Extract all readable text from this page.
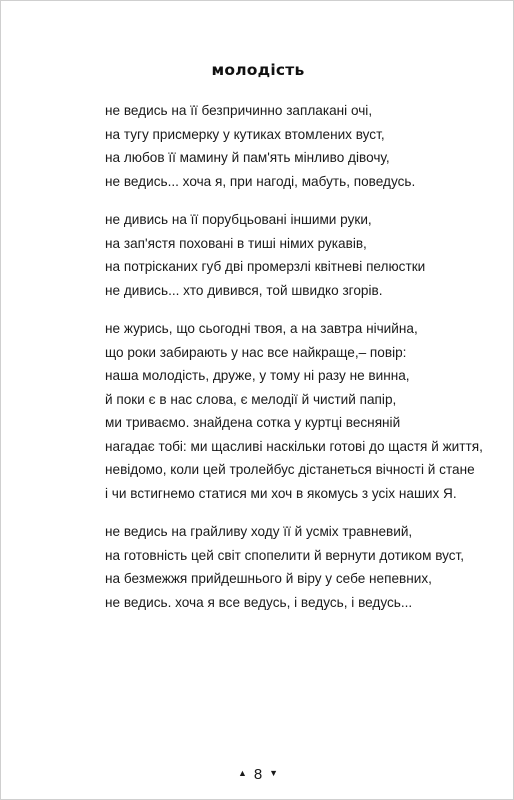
молодість
не ведись на її безпричинно заплакані очі,
на тугу присмерку у кутиках втомлених вуст,
на любов її мамину й пам'ять мінливо дівочу,
не ведись... хоча я, при нагоді, мабуть, поведусь.
не дивись на її порубцьовані іншими руки,
на зап'ястя поховані в тиші німих рукавів,
на потрісканих губ дві промерзлі квітневі пелюстки
не дивись... хто дивився, той швидко згорів.
не журись, що сьогодні твоя, а на завтра нічийна,
що роки забирають у нас все найкраще,– повір:
наша молодість, друже, у тому ні разу не винна,
й поки є в нас слова, є мелодії й чистий папір,
ми триваємо. знайдена сотка у куртці весняній
нагадає тобі: ми щасливі наскільки готові до щастя й життя,
невідомо, коли цей тролейбус дістанеться вічності й стане
і чи встигнемо статися ми хоч в якомусь з усіх наших Я.
не ведись на грайливу ходу її й усміх травневий,
на готовність цей світ спопелити й вернути дотиком вуст,
на безмежжя прийдешнього й віру у себе непевних,
не ведись. хоча я все ведусь, і ведусь, і ведусь...
▲ 8 ▼
